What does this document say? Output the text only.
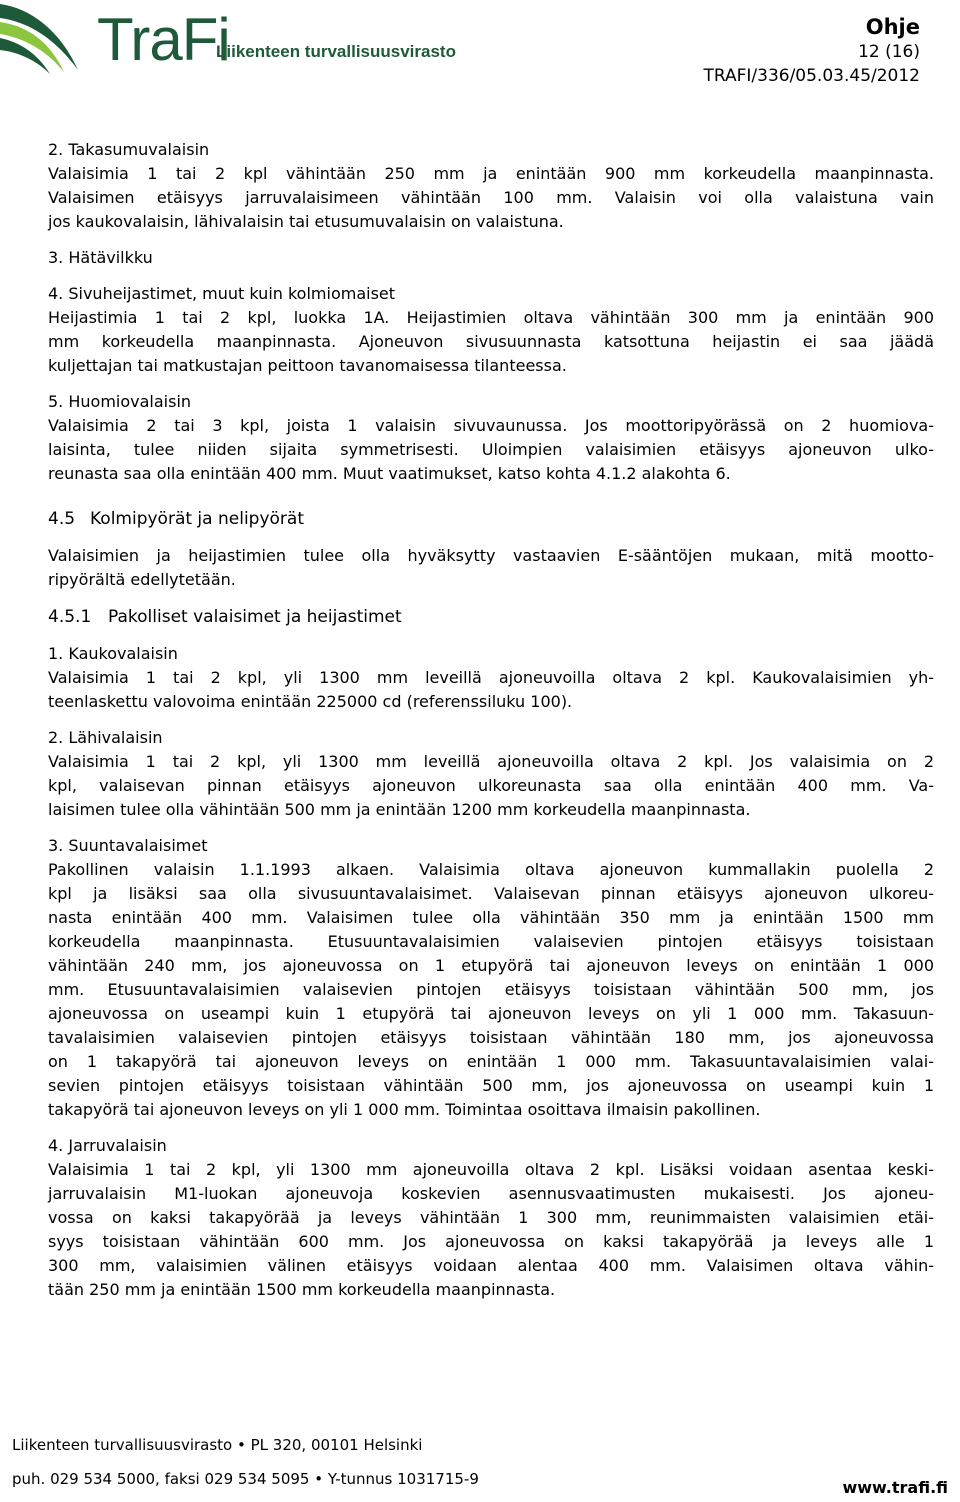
TraFi
Liikenteen turvallisuusvirasto
Ohje
12 (16)
TRAFI/336/05.03.45/2012
2. Takasumuvalaisin
Valaisimia 1 tai 2 kpl vähintään 250 mm ja enintään 900 mm korkeudella maanpinnasta.
Valaisimen etäisyys jarruvalaisimeen vähintään 100 mm. Valaisin voi olla valaistuna vain
jos kaukovalaisin, lähivalaisin tai etusumuvalaisin on valaistuna.
3. Hätävilkku
4. Sivuheijastimet, muut kuin kolmiomaiset
Heijastimia 1 tai 2 kpl, luokka 1A. Heijastimien oltava vähintään 300 mm ja enintään 900
mm korkeudella maanpinnasta. Ajoneuvon sivusuunnasta katsottuna heijastin ei saa jäädä
kuljettajan tai matkustajan peittoon tavanomaisessa tilanteessa.
5. Huomiovalaisin
Valaisimia 2 tai 3 kpl, joista 1 valaisin sivuvaunussa. Jos moottoripyörässä on 2 huomiova-
laisinta, tulee niiden sijaita symmetrisesti. Uloimpien valaisimien etäisyys ajoneuvon ulko-
reunasta saa olla enintään 400 mm. Muut vaatimukset, katso kohta 4.1.2 alakohta 6.
4.5 Kolmipyörät ja nelipyörät
Valaisimien ja heijastimien tulee olla hyväksytty vastaavien E-sääntöjen mukaan, mitä mootto-
ripyörältä edellytetään.
4.5.1 Pakolliset valaisimet ja heijastimet
1. Kaukovalaisin
Valaisimia 1 tai 2 kpl, yli 1300 mm leveillä ajoneuvoilla oltava 2 kpl. Kaukovalaisimien yh-
teenlaskettu valovoima enintään 225000 cd (referenssiluku 100).
2. Lähivalaisin
Valaisimia 1 tai 2 kpl, yli 1300 mm leveillä ajoneuvoilla oltava 2 kpl. Jos valaisimia on 2
kpl, valaisevan pinnan etäisyys ajoneuvon ulkoreunasta saa olla enintään 400 mm. Va-
laisimen tulee olla vähintään 500 mm ja enintään 1200 mm korkeudella maanpinnasta.
3. Suuntavalaisimet
Pakollinen valaisin 1.1.1993 alkaen. Valaisimia oltava ajoneuvon kummallakin puolella 2
kpl ja lisäksi saa olla sivusuuntavalaisimet. Valaisevan pinnan etäisyys ajoneuvon ulkoreu-
nasta enintään 400 mm. Valaisimen tulee olla vähintään 350 mm ja enintään 1500 mm
korkeudella maanpinnasta. Etusuuntavalaisimien valaisevien pintojen etäisyys toisistaan
vähintään 240 mm, jos ajoneuvossa on 1 etupyörä tai ajoneuvon leveys on enintään 1 000
mm. Etusuuntavalaisimien valaisevien pintojen etäisyys toisistaan vähintään 500 mm, jos
ajoneuvossa on useampi kuin 1 etupyörä tai ajoneuvon leveys on yli 1 000 mm. Takasuun-
tavalaisimien valaisevien pintojen etäisyys toisistaan vähintään 180 mm, jos ajoneuvossa
on 1 takapyörä tai ajoneuvon leveys on enintään 1 000 mm. Takasuuntavalaisimien valai-
sevien pintojen etäisyys toisistaan vähintään 500 mm, jos ajoneuvossa on useampi kuin 1
takapyörä tai ajoneuvon leveys on yli 1 000 mm. Toimintaa osoittava ilmaisin pakollinen.
4. Jarruvalaisin
Valaisimia 1 tai 2 kpl, yli 1300 mm ajoneuvoilla oltava 2 kpl. Lisäksi voidaan asentaa keski-
jarruvalaisin M1-luokan ajoneuvoja koskevien asennusvaatimusten mukaisesti. Jos ajoneu-
vossa on kaksi takapyörää ja leveys vähintään 1 300 mm, reunimmaisten valaisimien etäi-
syys toisistaan vähintään 600 mm. Jos ajoneuvossa on kaksi takapyörää ja leveys alle 1
300 mm, valaisimien välinen etäisyys voidaan alentaa 400 mm. Valaisimen oltava vähin-
tään 250 mm ja enintään 1500 mm korkeudella maanpinnasta.
Liikenteen turvallisuusvirasto • PL 320, 00101 Helsinki
puh. 029 534 5000, faksi 029 534 5095 • Y-tunnus 1031715-9	www.trafi.fi
